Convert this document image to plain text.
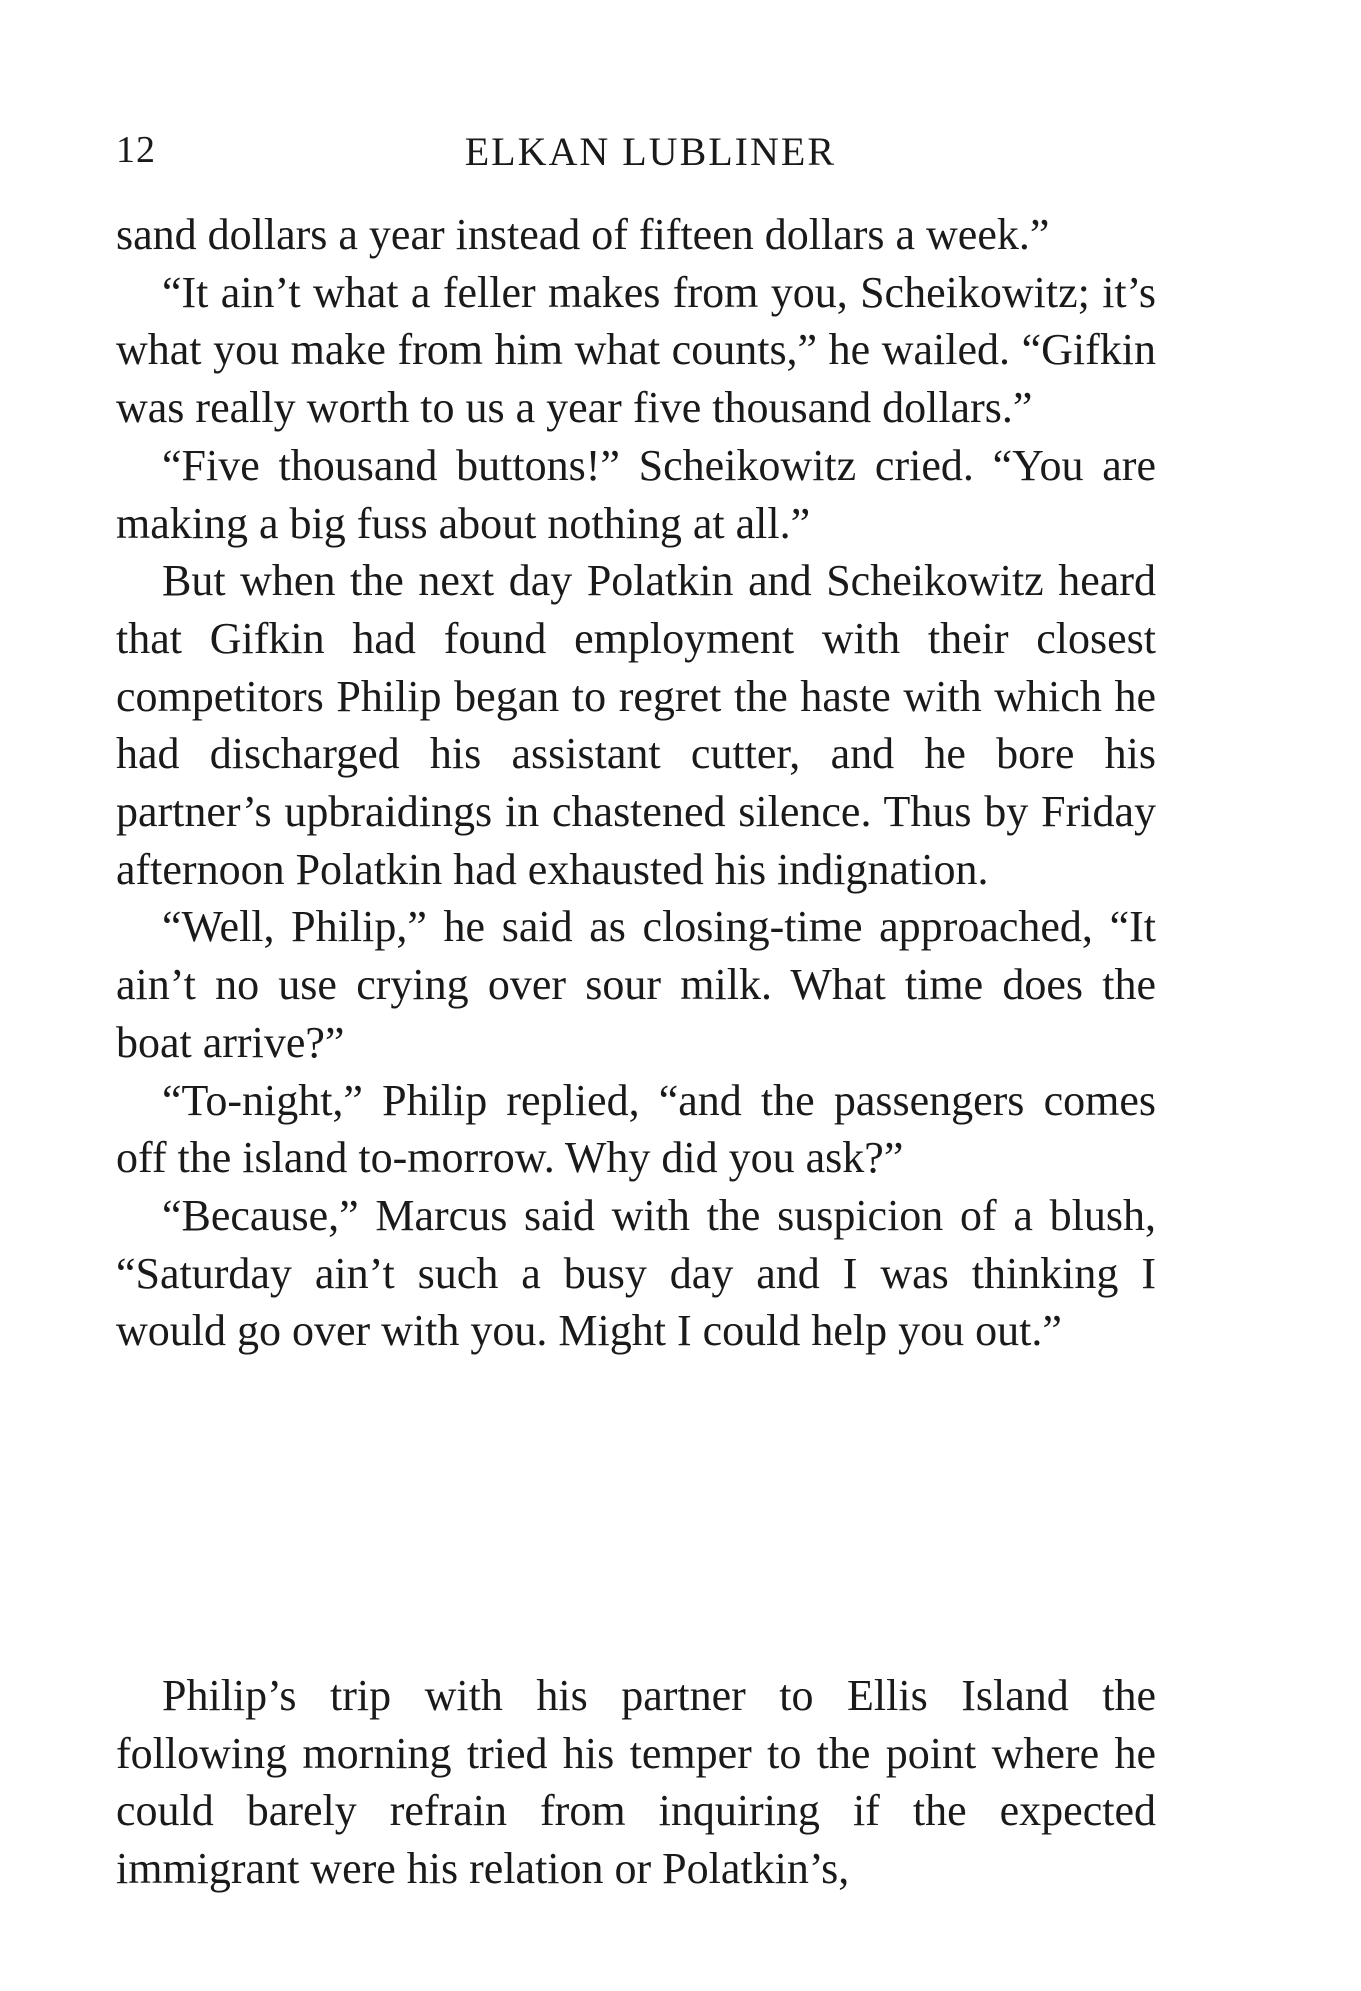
12	ELKAN LUBLINER

sand dollars a year instead of fifteen dollars a week.”

“It ain’t what a feller makes from you, Scheikowitz; it’s what you make from him what counts,” he wailed. “Gifkin was really worth to us a year five thousand dollars.”

“Five thousand buttons!” Scheikowitz cried. “You are making a big fuss about nothing at all.”

But when the next day Polatkin and Scheikowitz heard that Gifkin had found employment with their closest competitors Philip began to regret the haste with which he had discharged his assistant cutter, and he bore his partner’s upbraidings in chastened silence. Thus by Friday afternoon Polatkin had exhausted his indignation.

“Well, Philip,” he said as closing-time approached, “It ain’t no use crying over sour milk. What time does the boat arrive?”

“To-night,” Philip replied, “and the passengers comes off the island to-morrow. Why did you ask?”

“Because,” Marcus said with the suspicion of a blush, “Saturday ain’t such a busy day and I was thinking I would go over with you. Might I could help you out.”

Philip’s trip with his partner to Ellis Island the following morning tried his temper to the point where he could barely refrain from inquiring if the expected immigrant were his relation or Polatkin’s,
